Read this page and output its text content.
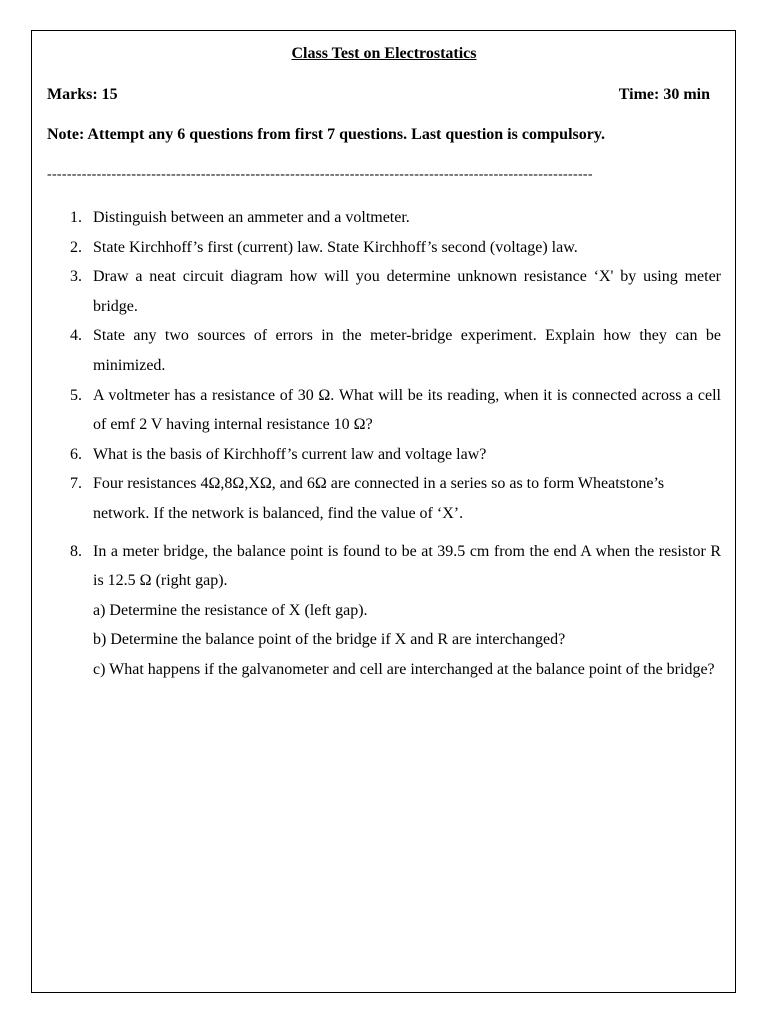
Class Test on Electrostatics
Marks: 15	Time: 30 min
Note: Attempt any 6 questions from first 7 questions. Last question is compulsory.
--------------------------------------------------------------------------------------------------------------
1. Distinguish between an ammeter and a voltmeter.
2. State Kirchhoff’s first (current) law. State Kirchhoff’s second (voltage) law.
3. Draw a neat circuit diagram how will you determine unknown resistance ‘X' by using meter bridge.
4. State any two sources of errors in the meter-bridge experiment. Explain how they can be minimized.
5. A voltmeter has a resistance of 30 Ω. What will be its reading, when it is connected across a cell of emf 2 V having internal resistance 10 Ω?
6. What is the basis of Kirchhoff’s current law and voltage law?
7. Four resistances 4Ω,8Ω,XΩ, and 6Ω are connected in a series so as to form Wheatstone’s
network. If the network is balanced, find the value of ‘X’.
8. In a meter bridge, the balance point is found to be at 39.5 cm from the end A when the resistor R is 12.5 Ω (right gap).
a) Determine the resistance of X (left gap).
b) Determine the balance point of the bridge if X and R are interchanged?
c) What happens if the galvanometer and cell are interchanged at the balance point of the bridge?
